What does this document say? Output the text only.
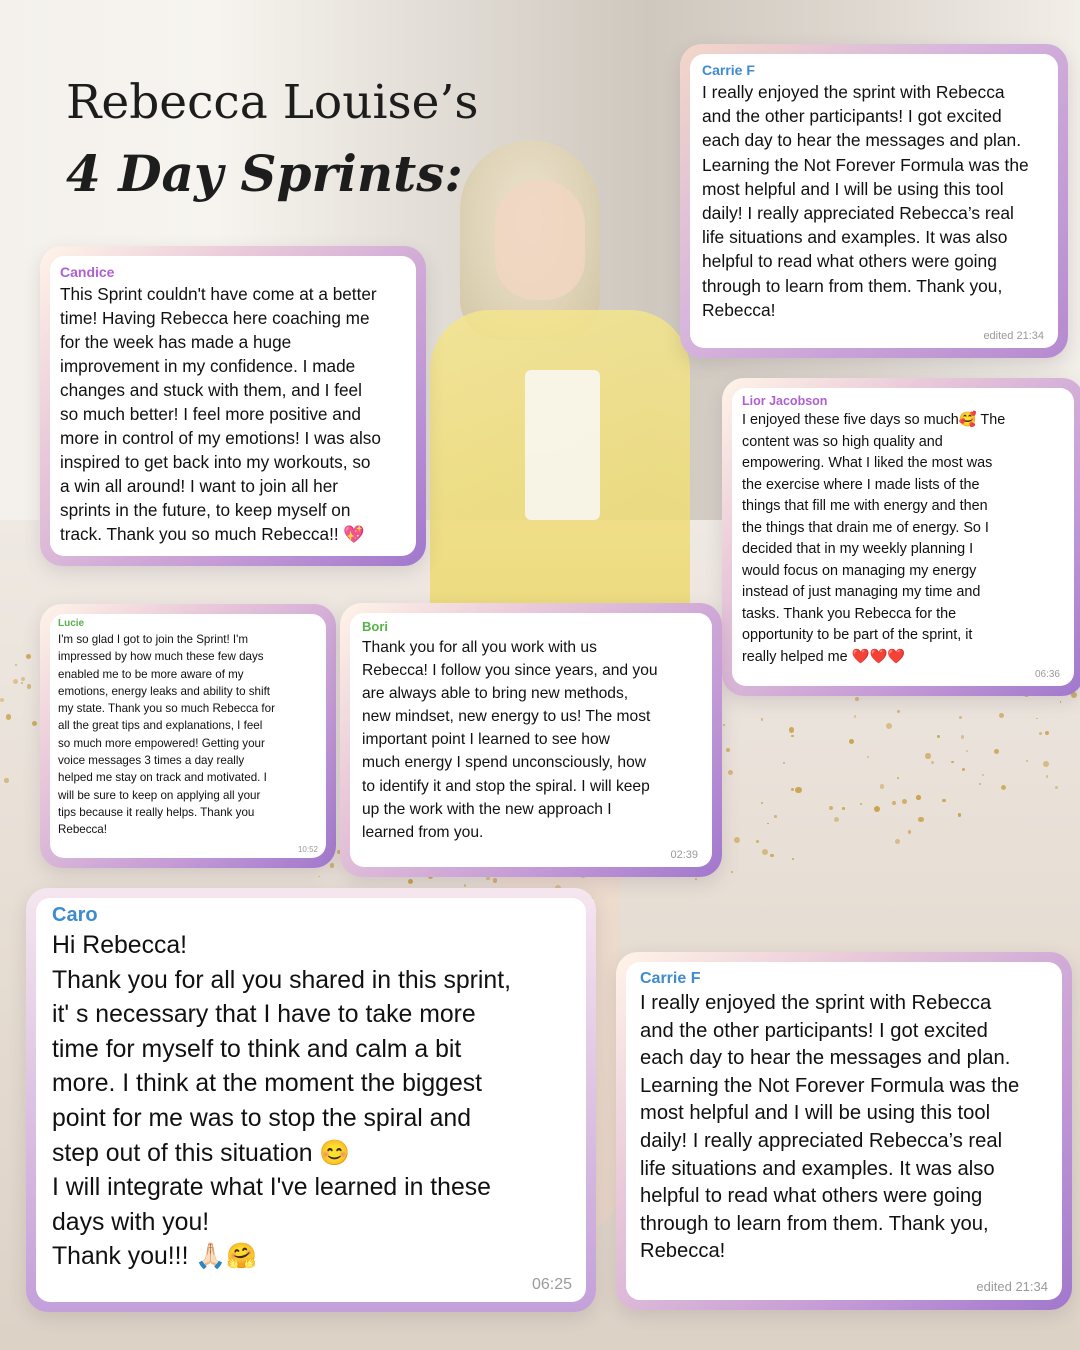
Rebecca Louise’s
4 Day Sprints:
Carrie F
I really enjoyed the sprint with Rebecca
and the other participants! I got excited
each day to hear the messages and plan.
Learning the Not Forever Formula was the
most helpful and I will be using this tool
daily! I really appreciated Rebecca’s real
life situations and examples. It was also
helpful to read what others were going
through to learn from them. Thank you,
Rebecca!
edited 21:34
Candice
This Sprint couldn't have come at a better
time! Having Rebecca here coaching me
for the week has made a huge
improvement in my confidence. I made
changes and stuck with them, and I feel
so much better! I feel more positive and
more in control of my emotions! I was also
inspired to get back into my workouts, so
a win all around! I want to join all her
sprints in the future, to keep myself on
track. Thank you so much Rebecca!! 💖
Lior Jacobson
I enjoyed these five days so much🥰 The
content was so high quality and
empowering. What I liked the most was
the exercise where I made lists of the
things that fill me with energy and then
the things that drain me of energy. So I
decided that in my weekly planning I
would focus on managing my energy
instead of just managing my time and
tasks. Thank you Rebecca for the
opportunity to be part of the sprint, it
really helped me ❤️❤️❤️
06:36
Lucie
I'm so glad I got to join the Sprint! I'm
impressed by how much these few days
enabled me to be more aware of my
emotions, energy leaks and ability to shift
my state. Thank you so much Rebecca for
all the great tips and explanations, I feel
so much more empowered! Getting your
voice messages 3 times a day really
helped me stay on track and motivated. I
will be sure to keep on applying all your
tips because it really helps. Thank you
Rebecca!
10:52
Bori
Thank you for all you work with us
Rebecca! I follow you since years, and you
are always able to bring new methods,
new mindset, new energy to us! The most
important point I learned to see how
much energy I spend unconsciously, how
to identify it and stop the spiral. I will keep
up the work with the new approach I
learned from you.
02:39
Caro
Hi Rebecca!
Thank you for all you shared in this sprint,
it' s necessary that I have to take more
time for myself to think and calm a bit
more. I think at the moment the biggest
point for me was to stop the spiral and
step out of this situation 😊
I will integrate what I've learned in these
days with you!
Thank you!!! 🙏🏻🤗
06:25
Carrie F
I really enjoyed the sprint with Rebecca
and the other participants! I got excited
each day to hear the messages and plan.
Learning the Not Forever Formula was the
most helpful and I will be using this tool
daily! I really appreciated Rebecca’s real
life situations and examples. It was also
helpful to read what others were going
through to learn from them. Thank you,
Rebecca!
edited 21:34
